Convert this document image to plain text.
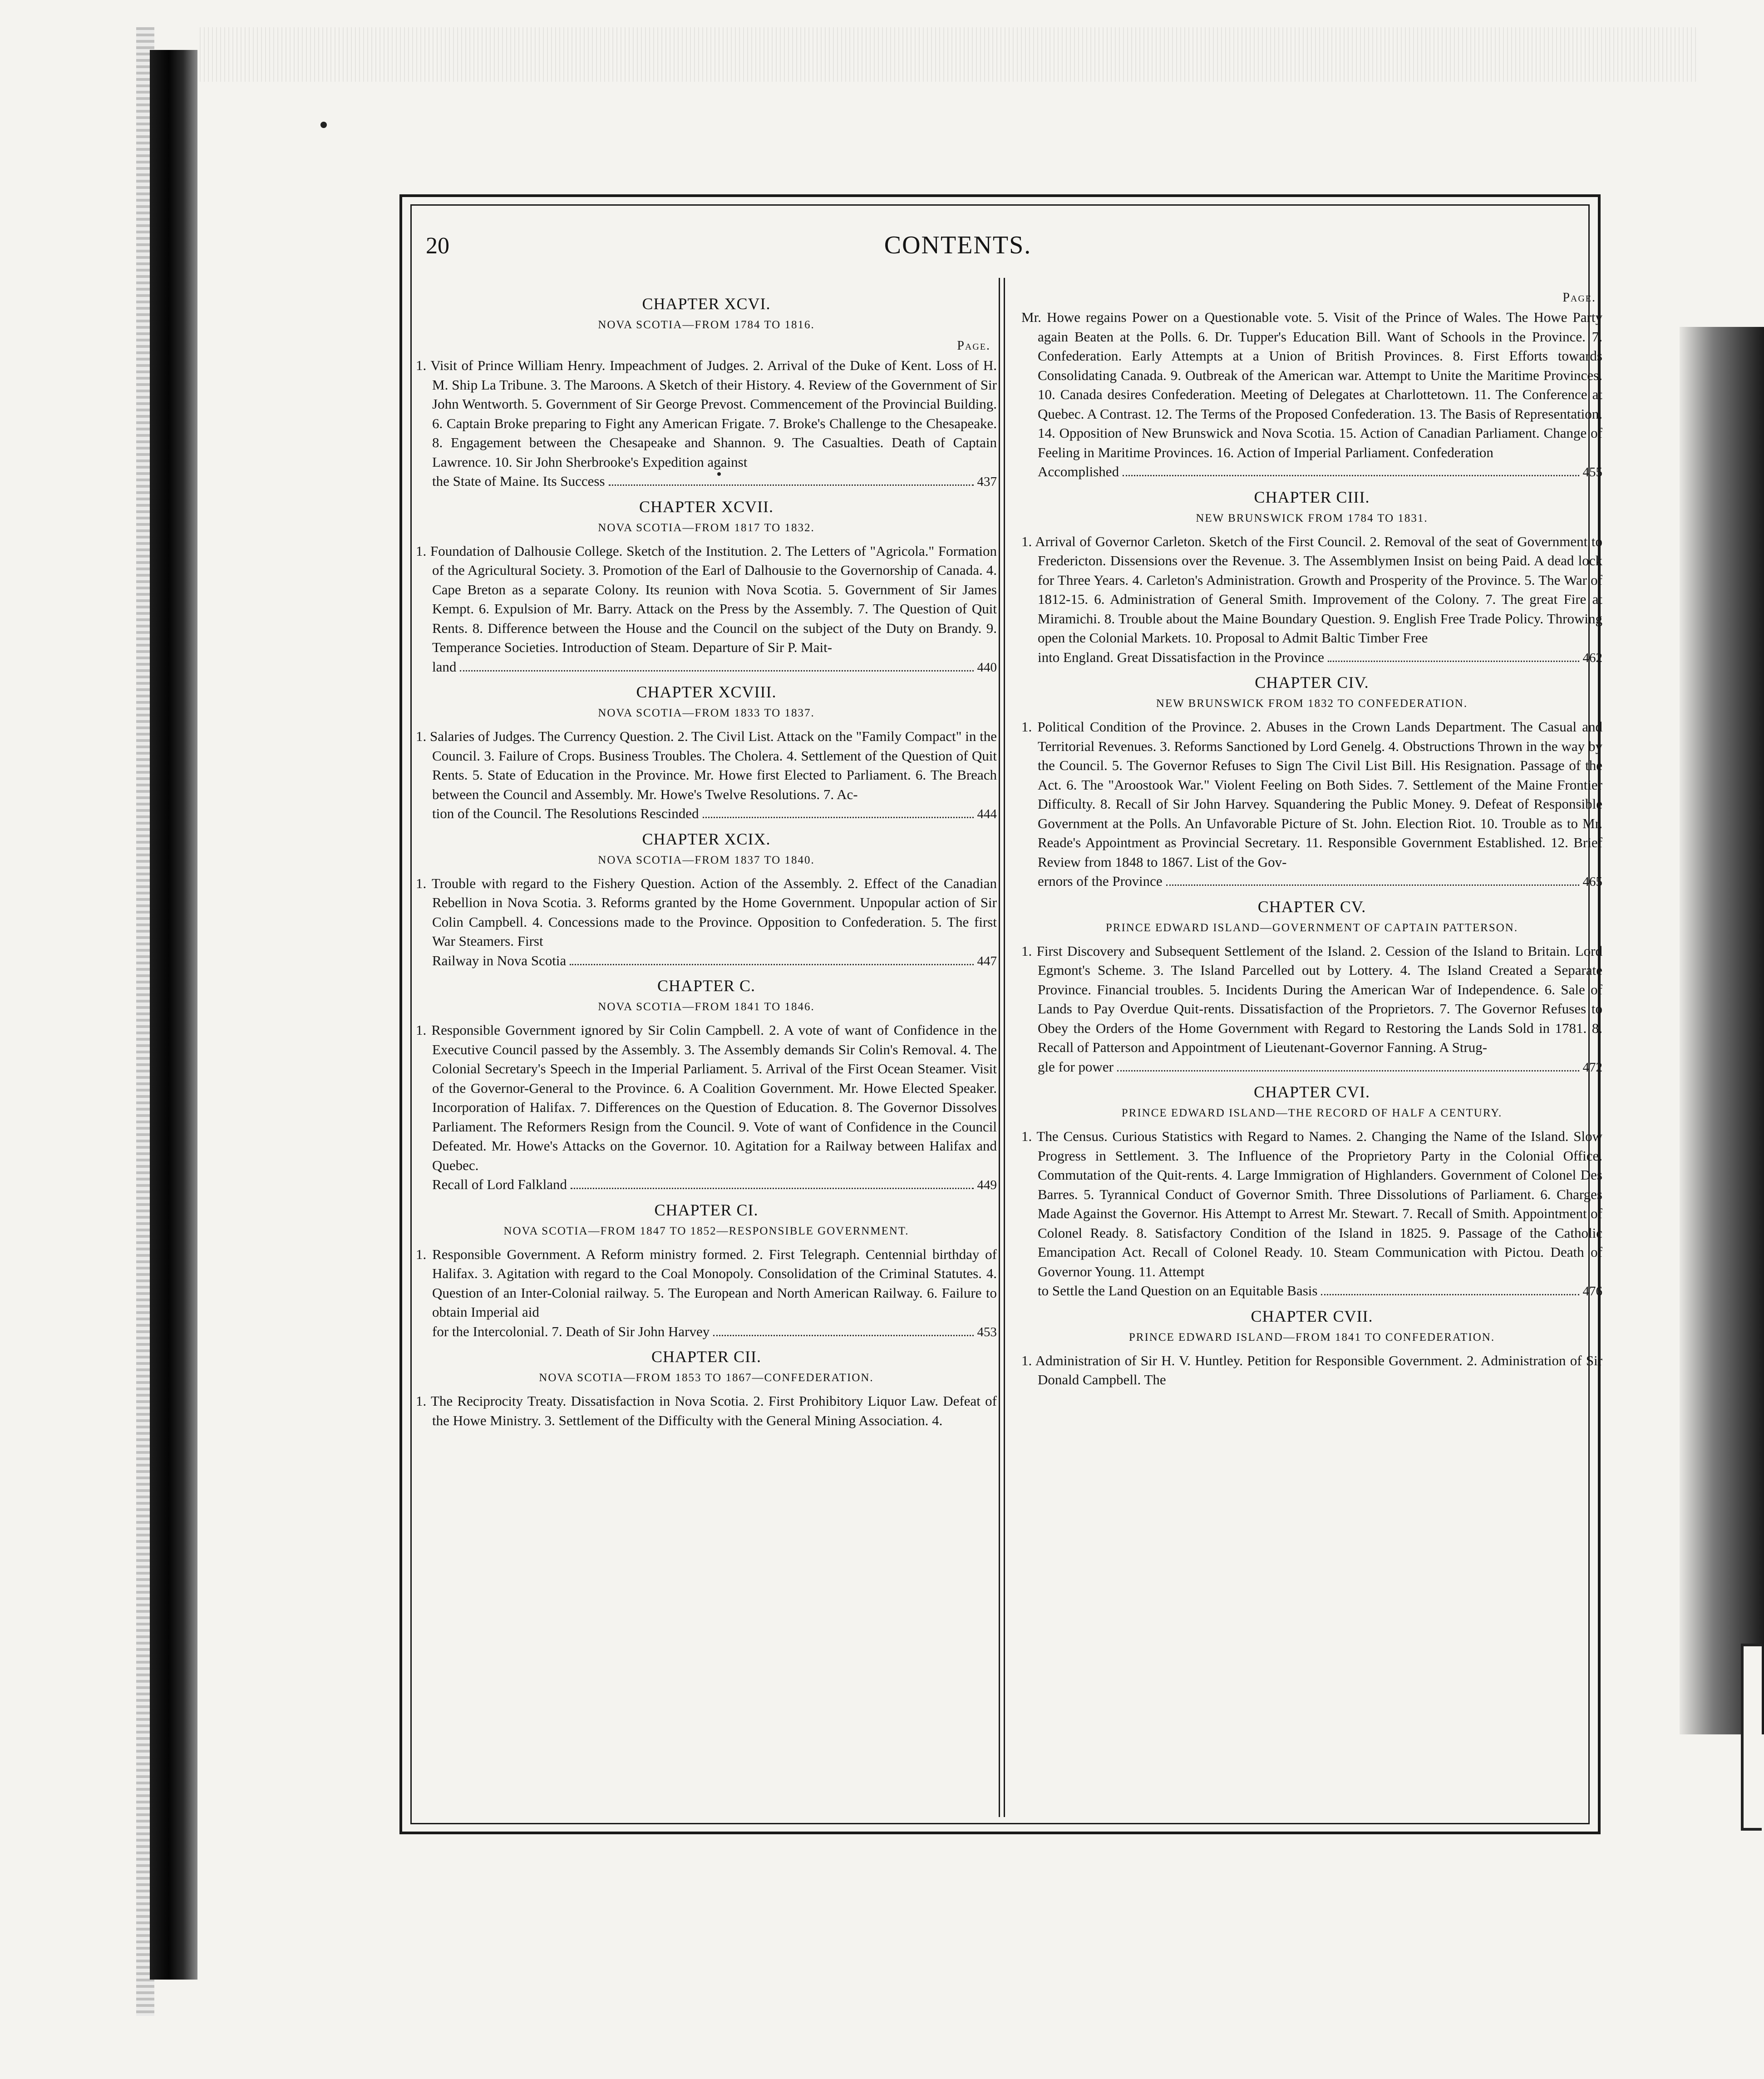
20	CONTENTS.
CHAPTER XCVI.
NOVA SCOTIA—FROM 1784 TO 1816.
Page.
1. Visit of Prince William Henry. Impeachment of Judges. 2. Arrival of the Duke of Kent. Loss of H. M. Ship La Tribune. 3. The Maroons. A Sketch of their History. 4. Review of the Government of Sir John Wentworth. 5. Government of Sir George Prevost. Commencement of the Provincial Building. 6. Captain Broke preparing to Fight any American Frigate. 7. Broke's Challenge to the Chesapeake. 8. Engagement between the Chesapeake and Shannon. 9. The Casualties. Death of Captain Lawrence. 10. Sir John Sherbrooke's Expedition against
the State of Maine. Its Success	437
CHAPTER XCVII.
NOVA SCOTIA—FROM 1817 TO 1832.
1. Foundation of Dalhousie College. Sketch of the Institution. 2. The Letters of "Agricola." Formation of the Agricultural Society. 3. Promotion of the Earl of Dalhousie to the Governorship of Canada. 4. Cape Breton as a separate Colony. Its reunion with Nova Scotia. 5. Government of Sir James Kempt. 6. Expulsion of Mr. Barry. Attack on the Press by the Assembly. 7. The Question of Quit Rents. 8. Difference between the House and the Council on the subject of the Duty on Brandy. 9. Temperance Societies. Introduction of Steam. Departure of Sir P. Mait-
land	440
CHAPTER XCVIII.
NOVA SCOTIA—FROM 1833 TO 1837.
1. Salaries of Judges. The Currency Question. 2. The Civil List. Attack on the "Family Compact" in the Council. 3. Failure of Crops. Business Troubles. The Cholera. 4. Settlement of the Question of Quit Rents. 5. State of Education in the Province. Mr. Howe first Elected to Parliament. 6. The Breach between the Council and Assembly. Mr. Howe's Twelve Resolutions. 7. Ac-
tion of the Council. The Resolutions Rescinded	444
CHAPTER XCIX.
NOVA SCOTIA—FROM 1837 TO 1840.
1. Trouble with regard to the Fishery Question. Action of the Assembly. 2. Effect of the Canadian Rebellion in Nova Scotia. 3. Reforms granted by the Home Government. Unpopular action of Sir Colin Campbell. 4. Concessions made to the Province. Opposition to Confederation. 5. The first War Steamers. First
Railway in Nova Scotia	447
CHAPTER C.
NOVA SCOTIA—FROM 1841 TO 1846.
1. Responsible Government ignored by Sir Colin Campbell. 2. A vote of want of Confidence in the Executive Council passed by the Assembly. 3. The Assembly demands Sir Colin's Removal. 4. The Colonial Secretary's Speech in the Imperial Parliament. 5. Arrival of the First Ocean Steamer. Visit of the Governor-General to the Province. 6. A Coalition Government. Mr. Howe Elected Speaker. Incorporation of Halifax. 7. Differences on the Question of Education. 8. The Governor Dissolves Parliament. The Reformers Resign from the Council. 9. Vote of want of Confidence in the Council Defeated. Mr. Howe's Attacks on the Governor. 10. Agitation for a Railway between Halifax and Quebec.
Recall of Lord Falkland	449
CHAPTER CI.
NOVA SCOTIA—FROM 1847 TO 1852—RESPONSIBLE GOVERNMENT.
1. Responsible Government. A Reform ministry formed. 2. First Telegraph. Centennial birthday of Halifax. 3. Agitation with regard to the Coal Monopoly. Consolidation of the Criminal Statutes. 4. Question of an Inter-Colonial railway. 5. The European and North American Railway. 6. Failure to obtain Imperial aid
for the Intercolonial. 7. Death of Sir John Harvey	453
CHAPTER CII.
NOVA SCOTIA—FROM 1853 TO 1867—CONFEDERATION.
1. The Reciprocity Treaty. Dissatisfaction in Nova Scotia. 2. First Prohibitory Liquor Law. Defeat of the Howe Ministry. 3. Settlement of the Difficulty with the General Mining Association. 4.
Page.
Mr. Howe regains Power on a Questionable vote. 5. Visit of the Prince of Wales. The Howe Party again Beaten at the Polls. 6. Dr. Tupper's Education Bill. Want of Schools in the Province. 7. Confederation. Early Attempts at a Union of British Provinces. 8. First Efforts towards Consolidating Canada. 9. Outbreak of the American war. Attempt to Unite the Maritime Provinces. 10. Canada desires Confederation. Meeting of Delegates at Charlottetown. 11. The Conference at Quebec. A Contrast. 12. The Terms of the Proposed Confederation. 13. The Basis of Representation. 14. Opposition of New Brunswick and Nova Scotia. 15. Action of Canadian Parliament. Change of Feeling in Maritime Provinces. 16. Action of Imperial Parliament. Confederation
Accomplished	455
CHAPTER CIII.
NEW BRUNSWICK FROM 1784 TO 1831.
1. Arrival of Governor Carleton. Sketch of the First Council. 2. Removal of the seat of Government to Fredericton. Dissensions over the Revenue. 3. The Assemblymen Insist on being Paid. A dead lock for Three Years. 4. Carleton's Administration. Growth and Prosperity of the Province. 5. The War of 1812-15. 6. Administration of General Smith. Improvement of the Colony. 7. The great Fire at Miramichi. 8. Trouble about the Maine Boundary Question. 9. English Free Trade Policy. Throwing open the Colonial Markets. 10. Proposal to Admit Baltic Timber Free
into England. Great Dissatisfaction in the Province	462
CHAPTER CIV.
NEW BRUNSWICK FROM 1832 TO CONFEDERATION.
1. Political Condition of the Province. 2. Abuses in the Crown Lands Department. The Casual and Territorial Revenues. 3. Reforms Sanctioned by Lord Genelg. 4. Obstructions Thrown in the way by the Council. 5. The Governor Refuses to Sign The Civil List Bill. His Resignation. Passage of the Act. 6. The "Aroostook War." Violent Feeling on Both Sides. 7. Settlement of the Maine Frontier Difficulty. 8. Recall of Sir John Harvey. Squandering the Public Money. 9. Defeat of Responsible Government at the Polls. An Unfavorable Picture of St. John. Election Riot. 10. Trouble as to Mr. Reade's Appointment as Provincial Secretary. 11. Responsible Government Established. 12. Brief Review from 1848 to 1867. List of the Gov-
ernors of the Province	465
CHAPTER CV.
PRINCE EDWARD ISLAND—GOVERNMENT OF CAPTAIN PATTERSON.
1. First Discovery and Subsequent Settlement of the Island. 2. Cession of the Island to Britain. Lord Egmont's Scheme. 3. The Island Parcelled out by Lottery. 4. The Island Created a Separate Province. Financial troubles. 5. Incidents During the American War of Independence. 6. Sale of Lands to Pay Overdue Quit-rents. Dissatisfaction of the Proprietors. 7. The Governor Refuses to Obey the Orders of the Home Government with Regard to Restoring the Lands Sold in 1781. 8. Recall of Patterson and Appointment of Lieutenant-Governor Fanning. A Strug-
gle for power	472
CHAPTER CVI.
PRINCE EDWARD ISLAND—THE RECORD OF HALF A CENTURY.
1. The Census. Curious Statistics with Regard to Names. 2. Changing the Name of the Island. Slow Progress in Settlement. 3. The Influence of the Proprietory Party in the Colonial Office. Commutation of the Quit-rents. 4. Large Immigration of Highlanders. Government of Colonel Des Barres. 5. Tyrannical Conduct of Governor Smith. Three Dissolutions of Parliament. 6. Charges Made Against the Governor. His Attempt to Arrest Mr. Stewart. 7. Recall of Smith. Appointment of Colonel Ready. 8. Satisfactory Condition of the Island in 1825. 9. Passage of the Catholic Emancipation Act. Recall of Colonel Ready. 10. Steam Communication with Pictou. Death of Governor Young. 11. Attempt
to Settle the Land Question on an Equitable Basis	476
CHAPTER CVII.
PRINCE EDWARD ISLAND—FROM 1841 TO CONFEDERATION.
1. Administration of Sir H. V. Huntley. Petition for Responsible Government. 2. Administration of Sir Donald Campbell. The
